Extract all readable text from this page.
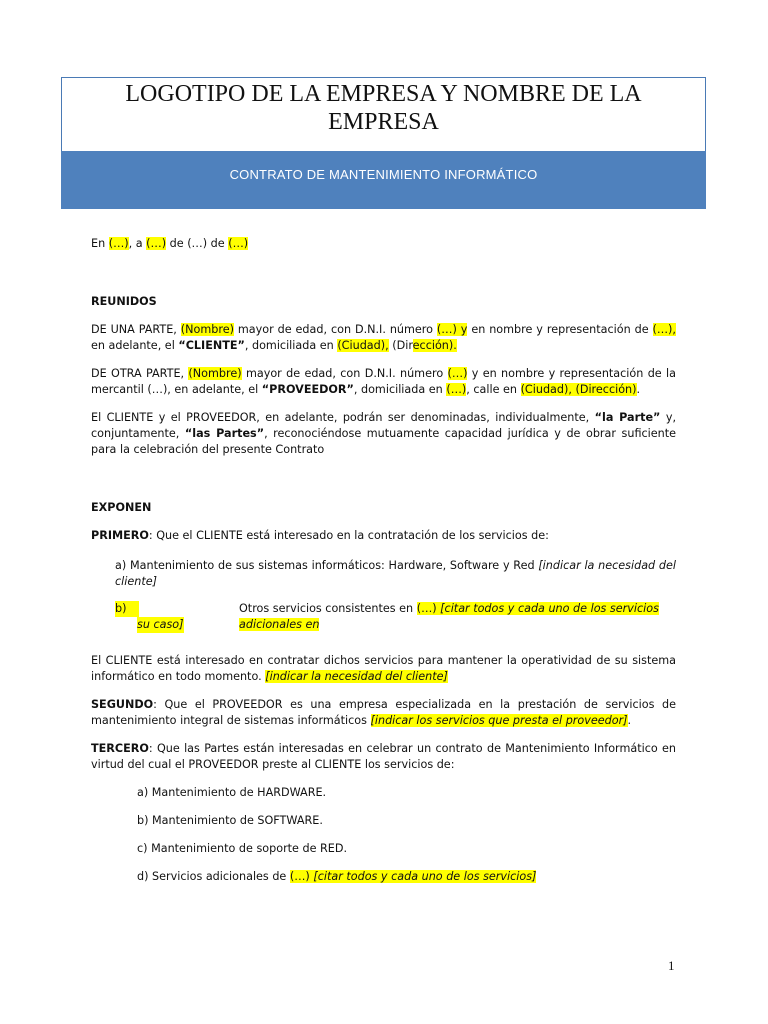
LOGOTIPO DE LA EMPRESA Y NOMBRE DE LA EMPRESA
CONTRATO DE MANTENIMIENTO INFORMÁTICO

En (…), a (…) de (…) de (…)

REUNIDOS

DE UNA PARTE, (Nombre) mayor de edad, con D.N.I. número (…) y en nombre y representación de (…), en adelante, el “CLIENTE”, domiciliada en (Ciudad), (Dirección).

DE OTRA PARTE, (Nombre) mayor de edad, con D.N.I. número (…) y en nombre y representación de la mercantil (…), en adelante, el “PROVEEDOR”, domiciliada en (…), calle en (Ciudad), (Dirección).

El CLIENTE y el PROVEEDOR, en adelante, podrán ser denominadas, individualmente, “la Parte” y, conjuntamente, “las Partes”, reconociéndose mutuamente capacidad jurídica y de obrar suficiente para la celebración del presente Contrato

EXPONEN

PRIMERO: Que el CLIENTE está interesado en la contratación de los servicios de:

a) Mantenimiento de sus sistemas informáticos: Hardware, Software y Red [indicar la necesidad del cliente]

b)	Otros servicios consistentes en (…) [citar todos y cada uno de los servicios adicionales en
su caso]

El CLIENTE está interesado en contratar dichos servicios para mantener la operatividad de su sistema informático en todo momento. [indicar la necesidad del cliente]

SEGUNDO: Que el PROVEEDOR es una empresa especializada en la prestación de servicios de mantenimiento integral de sistemas informáticos [indicar los servicios que presta el proveedor].

TERCERO: Que las Partes están interesadas en celebrar un contrato de Mantenimiento Informático en virtud del cual el PROVEEDOR preste al CLIENTE los servicios de:

a) Mantenimiento de HARDWARE.

b) Mantenimiento de SOFTWARE.

c) Mantenimiento de soporte de RED.

d) Servicios adicionales de (…) [citar todos y cada uno de los servicios]

1
